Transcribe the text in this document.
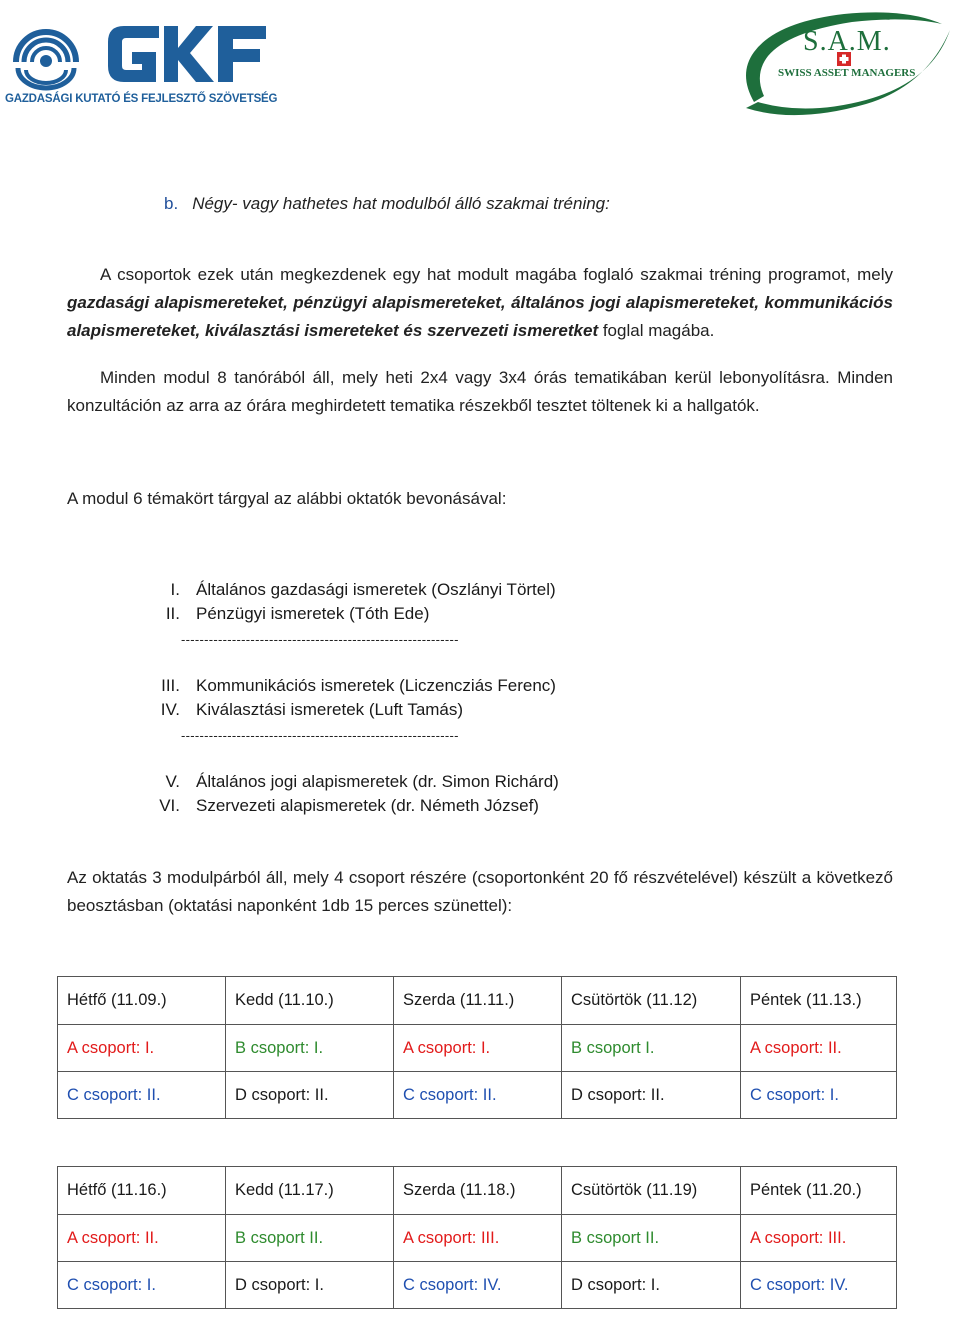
GAZDASÁGI KUTATÓ ÉS FEJLESZTŐ SZÖVETSÉG
S.A.M.
SWISS ASSET MANAGERS
b. Négy- vagy hathetes hat modulból álló szakmai tréning:
A csoportok ezek után megkezdenek egy hat modult magába foglaló szakmai tréning programot, mely gazdasági alapismereteket, pénzügyi alapismereteket, általános jogi alapismereteket, kommunikációs alapismereteket, kiválasztási ismereteket és szervezeti ismeretket foglal magába.
Minden modul 8 tanórából áll, mely heti 2x4 vagy 3x4 órás tematikában kerül lebonyolításra. Minden konzultáción az arra az órára meghirdetett tematika részekből tesztet töltenek ki a hallgatók.
A modul 6 témakört tárgyal az alábbi oktatók bevonásával:
I. Általános gazdasági ismeretek (Oszlányi Törtel)
II. Pénzügyi ismeretek (Tóth Ede)
------------------------------------------------------------
III. Kommunikációs ismeretek (Liczencziás Ferenc)
IV. Kiválasztási ismeretek (Luft Tamás)
------------------------------------------------------------
V. Általános jogi alapismeretek (dr. Simon Richárd)
VI. Szervezeti alapismeretek (dr. Németh József)
Az oktatás 3 modulpárból áll, mely 4 csoport részére (csoportonként 20 fő részvételével) készült a következő beosztásban (oktatási naponként 1db 15 perces szünettel):
Hétfő (11.09.)	Kedd (11.10.)	Szerda (11.11.)	Csütörtök (11.12)	Péntek (11.13.)
A csoport: I.	B csoport: I.	A csoport: I.	B csoport I.	A csoport: II.
C csoport: II.	D csoport: II.	C csoport: II.	D csoport: II.	C csoport: I.
Hétfő (11.16.)	Kedd (11.17.)	Szerda (11.18.)	Csütörtök (11.19)	Péntek (11.20.)
A csoport: II.	B csoport II.	A csoport: III.	B csoport II.	A csoport: III.
C csoport: I.	D csoport: I.	C csoport: IV.	D csoport: I.	C csoport: IV.
